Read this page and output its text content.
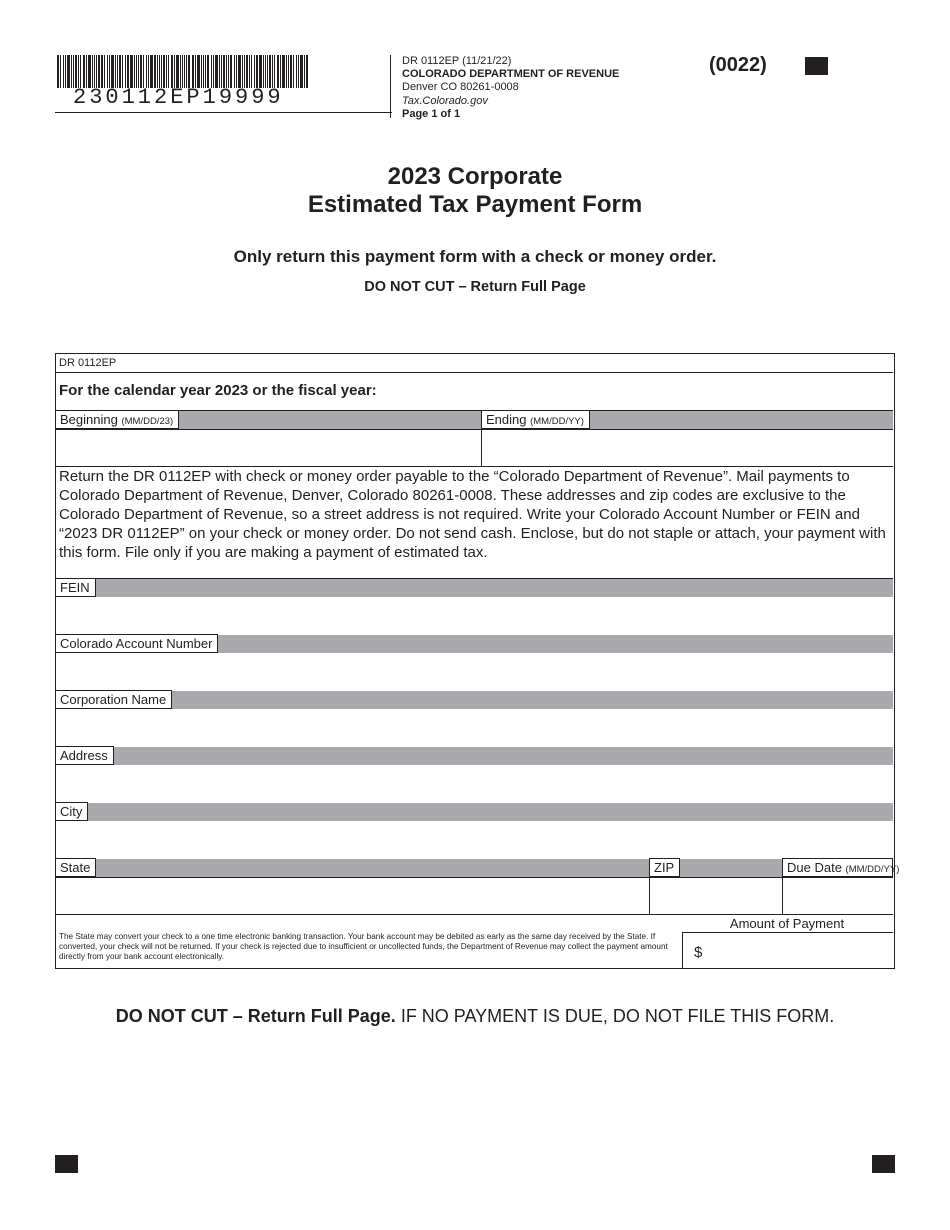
230112EP19999
DR 0112EP (11/21/22)
COLORADO DEPARTMENT OF REVENUE
Denver CO 80261-0008
Tax.Colorado.gov
Page 1 of 1
(0022)
2023 Corporate
Estimated Tax Payment Form
Only return this payment form with a check or money order.
DO NOT CUT – Return Full Page
DR 0112EP
For the calendar year 2023 or the fiscal year:
Beginning (MM/DD/23)	Ending (MM/DD/YY)
Return the DR 0112EP with check or money order payable to the “Colorado Department of Revenue”. Mail payments to Colorado Department of Revenue, Denver, Colorado 80261-0008. These addresses and zip codes are exclusive to the Colorado Department of Revenue, so a street address is not required. Write your Colorado Account Number or FEIN and “2023 DR 0112EP” on your check or money order. Do not send cash. Enclose, but do not staple or attach, your payment with this form. File only if you are making a payment of estimated tax.
FEIN
Colorado Account Number
Corporation Name
Address
City
State	ZIP	Due Date (MM/DD/YY)
Amount of Payment
$
The State may convert your check to a one time electronic banking transaction. Your bank account may be debited as early as the same day received by the State. If converted, your check will not be returned. If your check is rejected due to insufficient or uncollected funds, the Department of Revenue may collect the payment amount directly from your bank account electronically.
DO NOT CUT – Return Full Page. IF NO PAYMENT IS DUE, DO NOT FILE THIS FORM.
